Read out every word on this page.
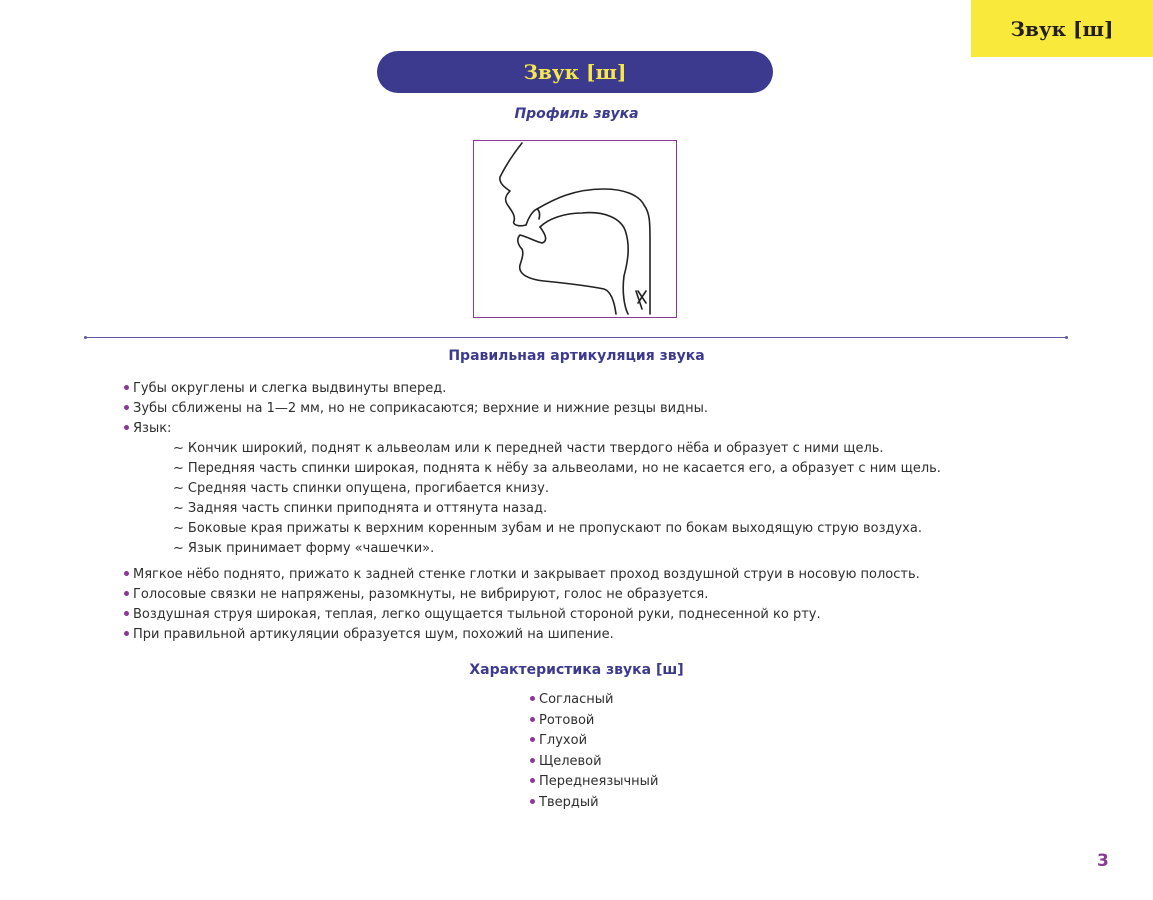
Звук [ш]
Звук [ш]
Профиль звука
Правильная артикуляция звука
Губы округлены и слегка выдвинуты вперед.
Зубы сближены на 1—2 мм, но не соприкасаются; верхние и нижние резцы видны.
Язык:
~ Кончик широкий, поднят к альвеолам или к передней части твердого нёба и образует с ними щель.
~ Передняя часть спинки широкая, поднята к нёбу за альвеолами, но не касается его, а образует с ним щель.
~ Средняя часть спинки опущена, прогибается книзу.
~ Задняя часть спинки приподнята и оттянута назад.
~ Боковые края прижаты к верхним коренным зубам и не пропускают по бокам выходящую струю воздуха.
~ Язык принимает форму «чашечки».
Мягкое нёбо поднято, прижато к задней стенке глотки и закрывает проход воздушной струи в носовую полость.
Голосовые связки не напряжены, разомкнуты, не вибрируют, голос не образуется.
Воздушная струя широкая, теплая, легко ощущается тыльной стороной руки, поднесенной ко рту.
При правильной артикуляции образуется шум, похожий на шипение.
Характеристика звука [ш]
Согласный
Ротовой
Глухой
Щелевой
Переднеязычный
Твердый
3
